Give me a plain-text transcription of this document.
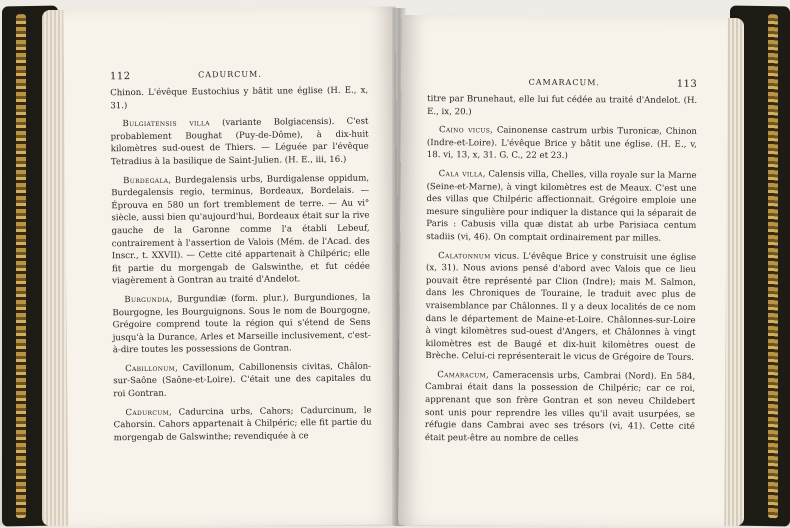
112	CADURCUM.

Chinon. L'évêque Eustochius y bâtit une église (H. E., x, 31.)

Bulgiatensis villa (variante Bolgiacensis). C'est probablement Boughat (Puy-de-Dôme), à dix-huit kilomètres sud-ouest de Thiers. — Léguée par l'évêque Tetradius à la basilique de Saint-Julien. (H. E., iii, 16.)

Burdegala, Burdegalensis urbs, Burdigalense oppidum, Burdegalensis regio, terminus, Bordeaux, Bordelais. — Éprouva en 580 un fort tremblement de terre. — Au vi° siècle, aussi bien qu'aujourd'hui, Bordeaux était sur la rive gauche de la Garonne comme l'a établi Lebeuf, contrairement à l'assertion de Valois (Mém. de l'Acad. des Inscr., t. XXVII). — Cette cité appartenait à Chilpéric; elle fit partie du morgengab de Galswinthe, et fut cédée viagèrement à Gontran au traité d'Andelot.

Burgundia, Burgundiæ (form. plur.), Burgundiones, la Bourgogne, les Bourguignons. Sous le nom de Bourgogne, Grégoire comprend toute la région qui s'étend de Sens jusqu'à la Durance, Arles et Marseille inclusivement, c'est-à-dire toutes les possessions de Gontran.

Cabillonum, Cavillonum, Cabillonensis civitas, Châlon-sur-Saône (Saône-et-Loire). C'était une des capitales du roi Gontran.

Cadurcum, Cadurcina urbs, Cahors; Cadurcinum, le Cahorsin. Cahors appartenait à Chilpéric; elle fit partie du morgengab de Galswinthe; revendiquée à ce

CAMARACUM.	113

titre par Brunehaut, elle lui fut cédée au traité d'Andelot. (H. E., ix, 20.)

Caino vicus, Cainonense castrum urbis Turonicæ, Chinon (Indre-et-Loire). L'évêque Brice y bâtit une église. (H. E., v, 18. vi, 13, x, 31. G. C., 22 et 23.)

Cala villa, Calensis villa, Chelles, villa royale sur la Marne (Seine-et-Marne), à vingt kilomètres est de Meaux. C'est une des villas que Chilpéric affectionnait. Grégoire emploie une mesure singulière pour indiquer la distance qui la séparait de Paris : Cabusis villa quæ distat ab urbe Parisiaca centum stadiis (vi, 46). On comptait ordinairement par milles.

Calatonnum vicus. L'évêque Brice y construisit une église (x, 31). Nous avions pensé d'abord avec Valois que ce lieu pouvait être représenté par Clion (Indre); mais M. Salmon, dans les Chroniques de Touraine, le traduit avec plus de vraisemblance par Châlonnes. Il y a deux localités de ce nom dans le département de Maine-et-Loire. Châlonnes-sur-Loire à vingt kilomètres sud-ouest d'Angers, et Châlonnes à vingt kilomètres est de Baugé et dix-huit kilomètres ouest de Brèche. Celui-ci représenterait le vicus de Grégoire de Tours.

Camaracum, Cameracensis urbs, Cambrai (Nord). En 584, Cambrai était dans la possession de Chilpéric; car ce roi, apprenant que son frère Gontran et son neveu Childebert sont unis pour reprendre les villes qu'il avait usurpées, se réfugie dans Cambrai avec ses trésors (vi, 41). Cette cité était peut-être au nombre de celles
